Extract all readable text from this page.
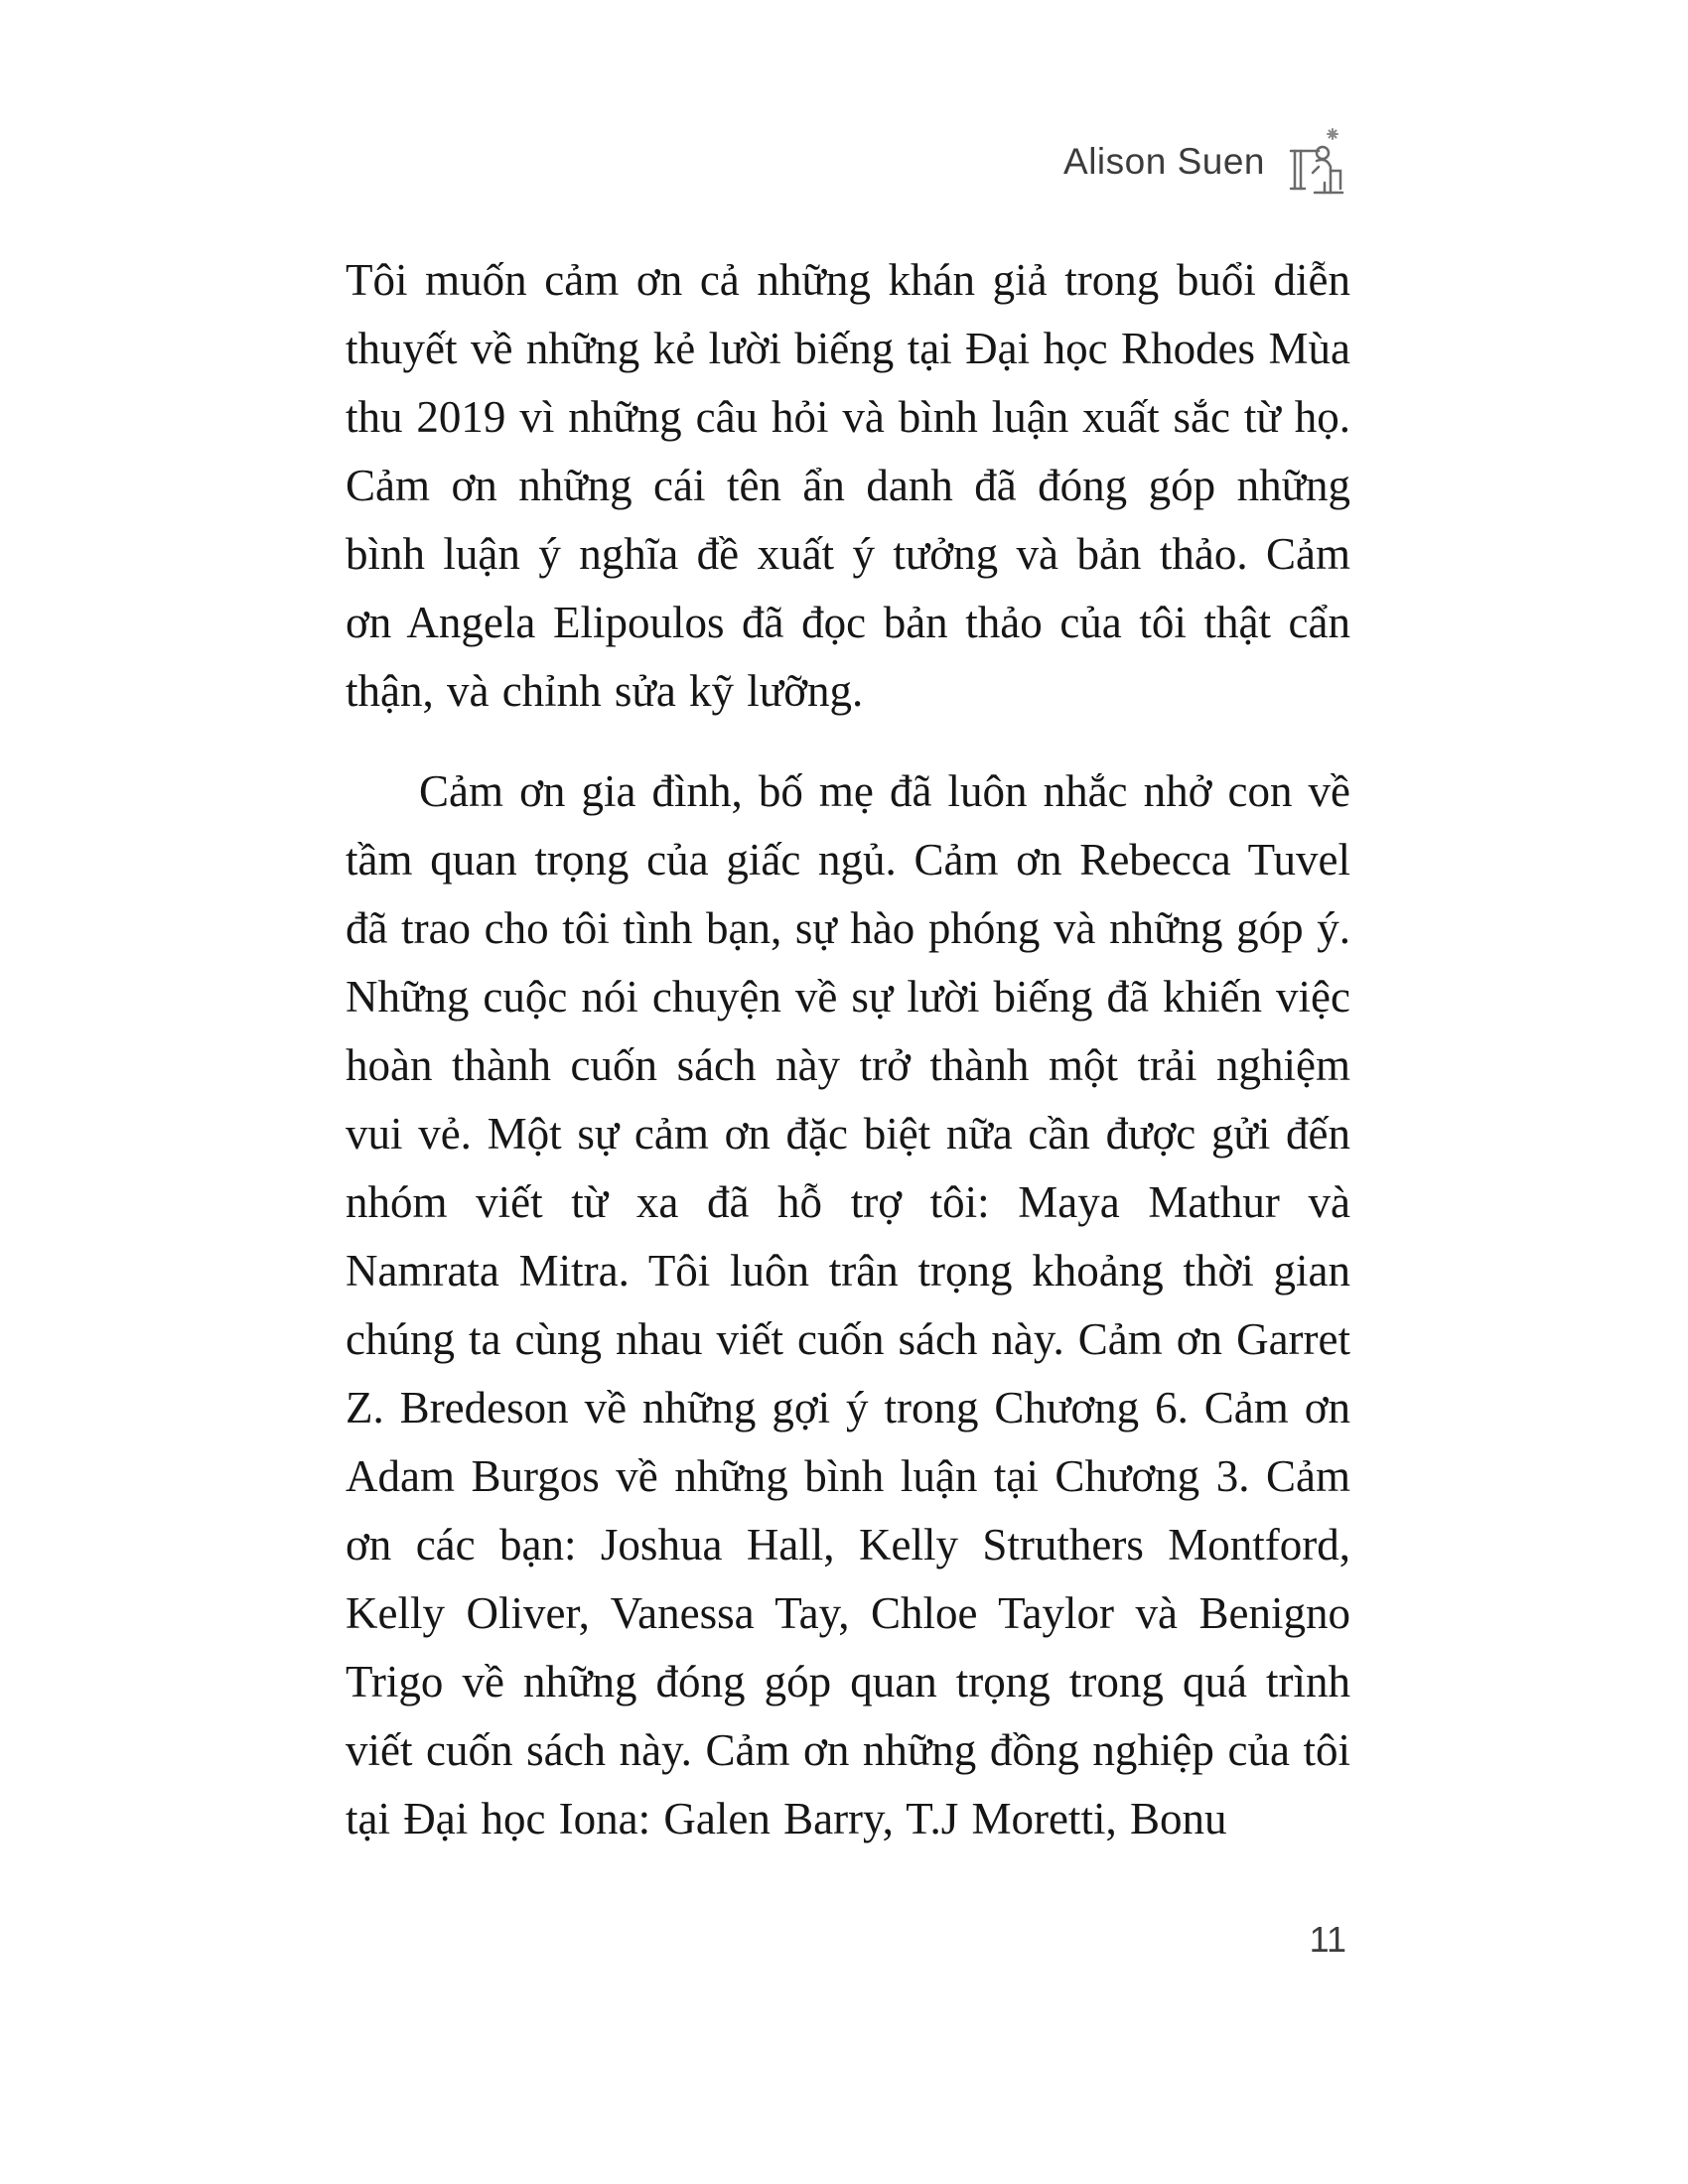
Alison Suen

Tôi muốn cảm ơn cả những khán giả trong buổi diễn thuyết về những kẻ lười biếng tại Đại học Rhodes Mùa thu 2019 vì những câu hỏi và bình luận xuất sắc từ họ. Cảm ơn những cái tên ẩn danh đã đóng góp những bình luận ý nghĩa đề xuất ý tưởng và bản thảo. Cảm ơn Angela Elipoulos đã đọc bản thảo của tôi thật cẩn thận, và chỉnh sửa kỹ lưỡng.

Cảm ơn gia đình, bố mẹ đã luôn nhắc nhở con về tầm quan trọng của giấc ngủ. Cảm ơn Rebecca Tuvel đã trao cho tôi tình bạn, sự hào phóng và những góp ý. Những cuộc nói chuyện về sự lười biếng đã khiến việc hoàn thành cuốn sách này trở thành một trải nghiệm vui vẻ. Một sự cảm ơn đặc biệt nữa cần được gửi đến nhóm viết từ xa đã hỗ trợ tôi: Maya Mathur và Namrata Mitra. Tôi luôn trân trọng khoảng thời gian chúng ta cùng nhau viết cuốn sách này. Cảm ơn Garret Z. Bredeson về những gợi ý trong Chương 6. Cảm ơn Adam Burgos về những bình luận tại Chương 3. Cảm ơn các bạn: Joshua Hall, Kelly Struthers Montford, Kelly Oliver, Vanessa Tay, Chloe Taylor và Benigno Trigo về những đóng góp quan trọng trong quá trình viết cuốn sách này. Cảm ơn những đồng nghiệp của tôi tại Đại học Iona: Galen Barry, T.J Moretti, Bonu

11
